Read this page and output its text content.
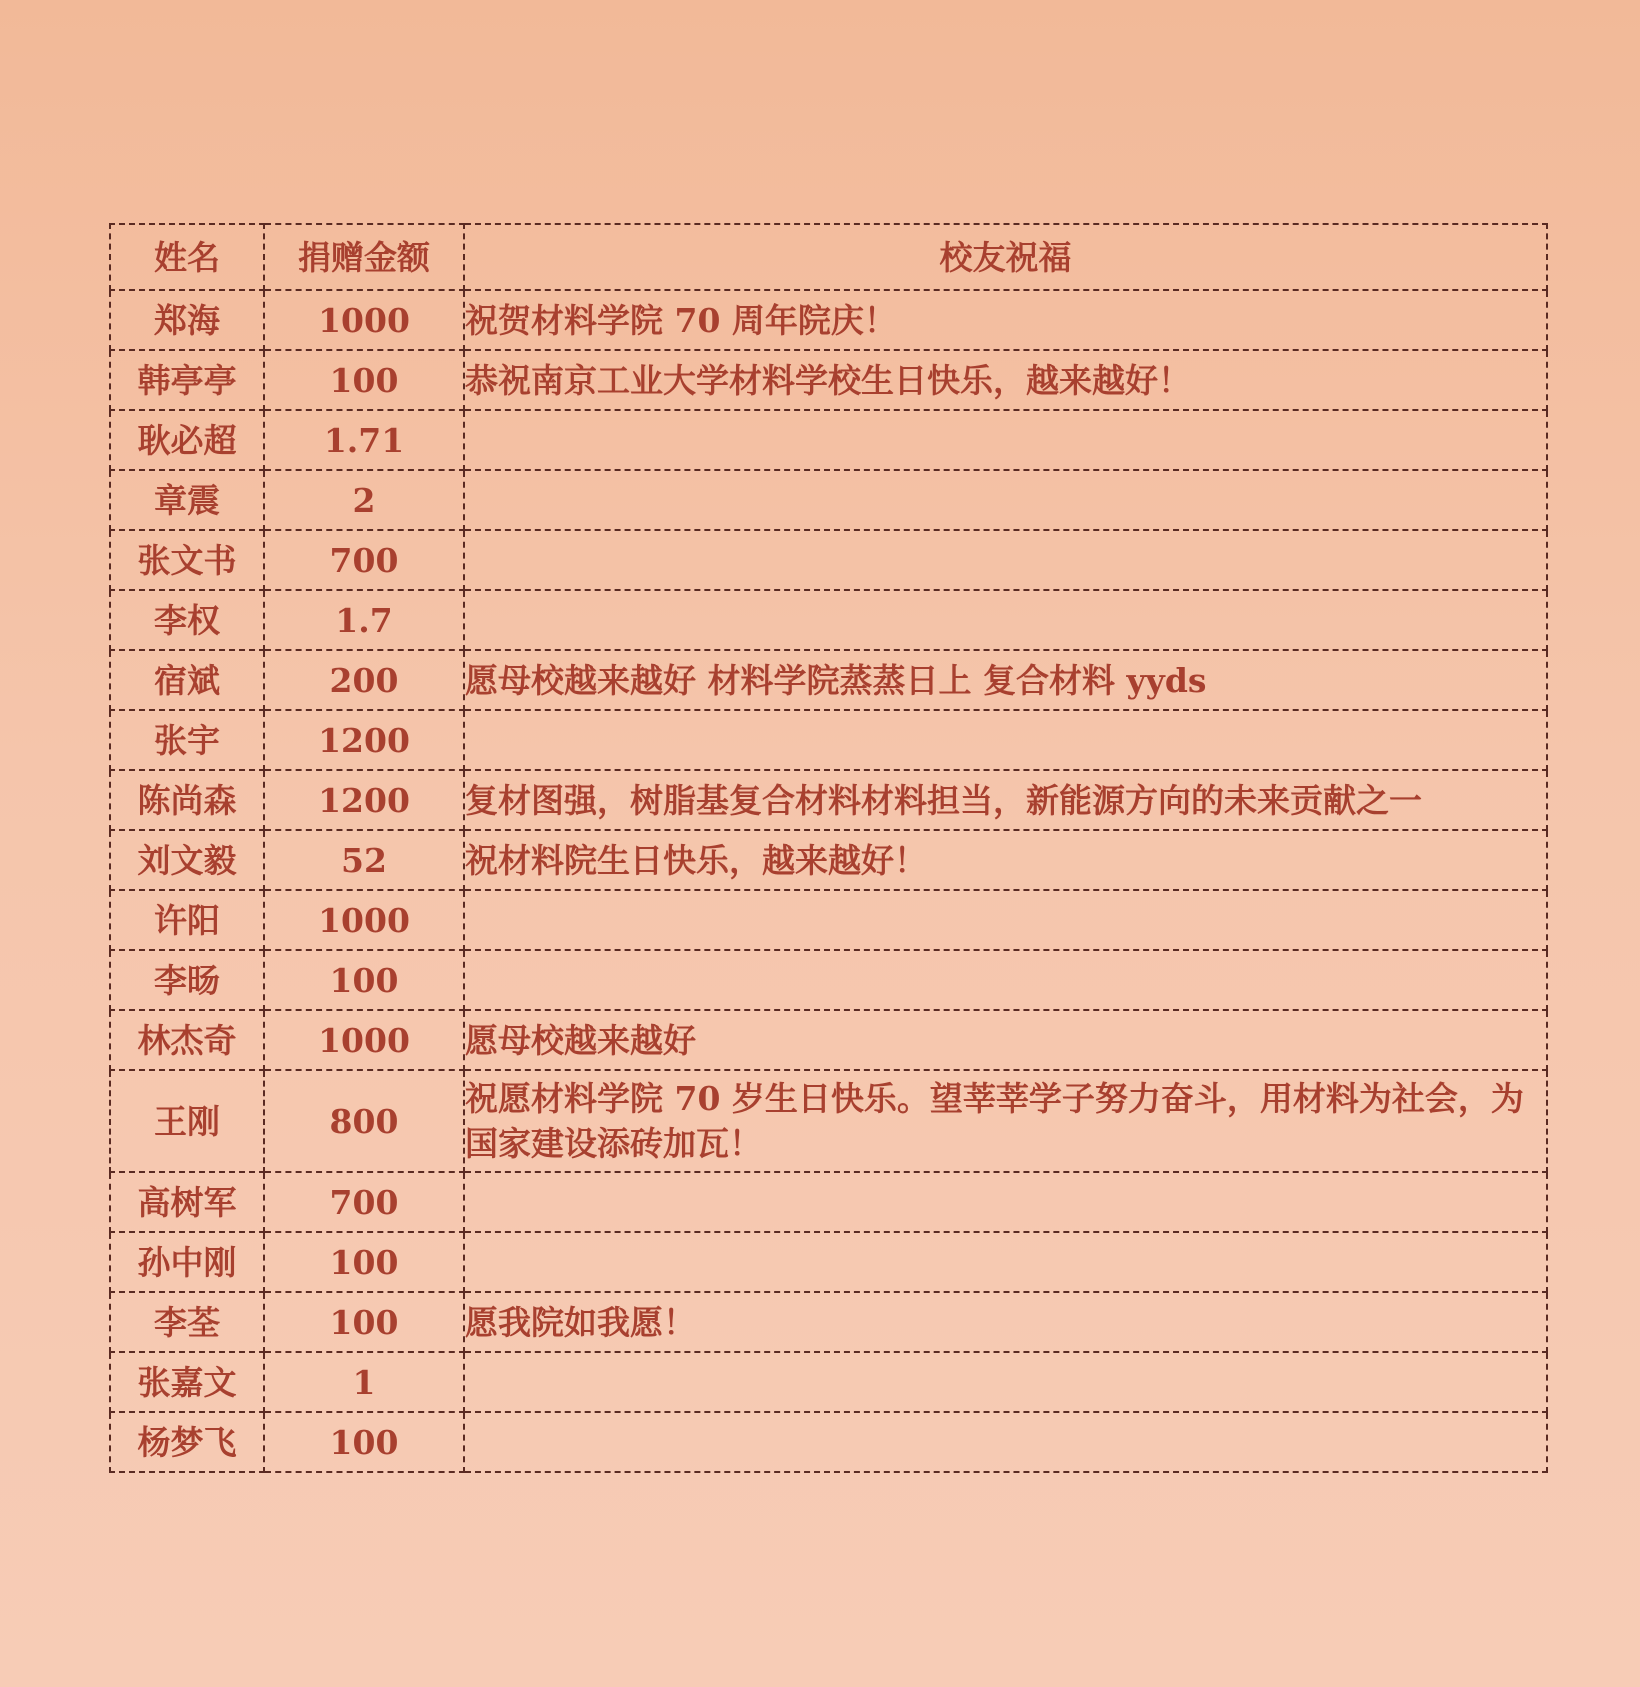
姓名	捐赠金额	校友祝福
郑海	1000	祝贺材料学院 70 周年院庆！
韩亭亭	100	恭祝南京工业大学材料学校生日快乐，越来越好！
耿必超	1.71	
章震	2	
张文书	700	
李权	1.7	
宿斌	200	愿母校越来越好 材料学院蒸蒸日上 复合材料 yyds
张宇	1200	
陈尚森	1200	复材图强，树脂基复合材料材料担当，新能源方向的未来贡献之一
刘文毅	52	祝材料院生日快乐，越来越好！
许阳	1000	
李旸	100	
林杰奇	1000	愿母校越来越好
王刚	800	祝愿材料学院 70 岁生日快乐。望莘莘学子努力奋斗，用材料为社会，为国家建设添砖加瓦！
高树军	700	
孙中刚	100	
李荃	100	愿我院如我愿！
张嘉文	1	
杨梦飞	100	
